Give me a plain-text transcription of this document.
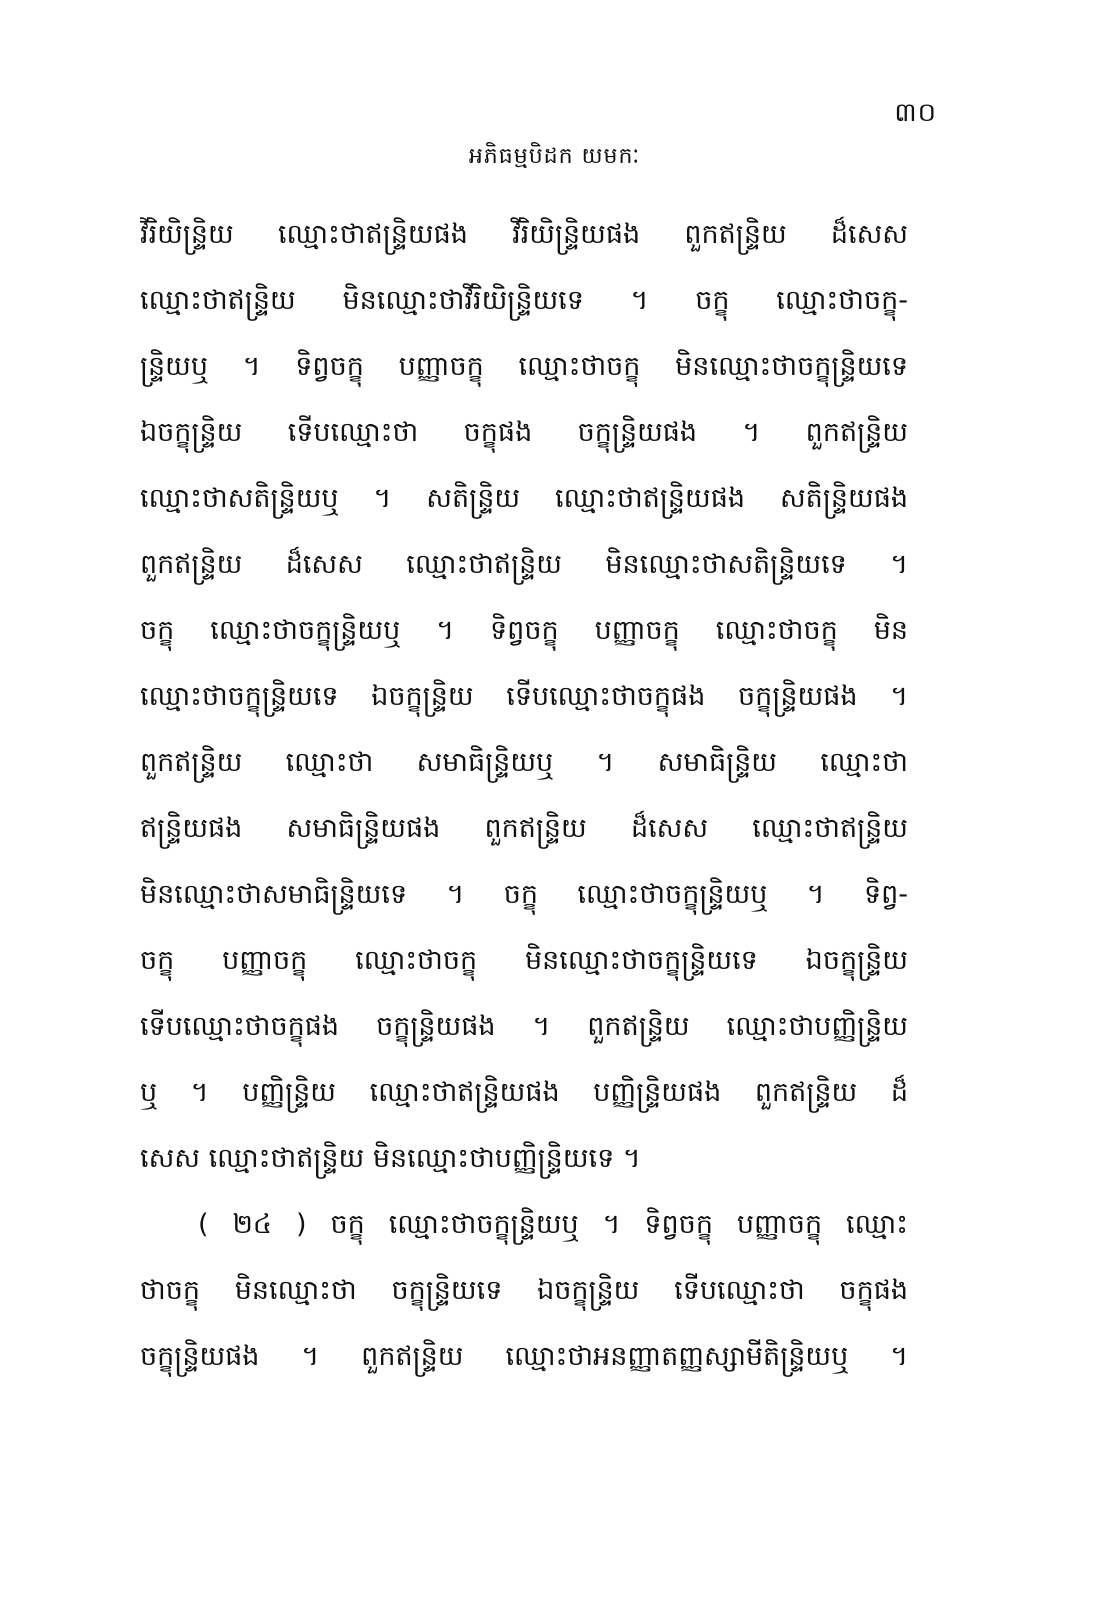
៣០
អភិធម្មបិដក យមកៈ
វីរិយិន្ទ្រិយ ឈ្មោះថាឥន្ទ្រិយផង វីរិយិន្ទ្រិយផង ពួកឥន្ទ្រិយ ដ៏សេស
ឈ្មោះថាឥន្ទ្រិយ មិនឈ្មោះថាវីរិយិន្ទ្រិយទេ ។ ចក្ខុ ឈ្មោះថាចក្ខុ-
ន្ទ្រិយឬ ។ ទិព្វចក្ខុ បញ្ញាចក្ខុ ឈ្មោះថាចក្ខុ មិនឈ្មោះថាចក្ខុន្ទ្រិយទេ
ឯចក្ខុន្ទ្រិយ ទើបឈ្មោះថា ចក្ខុផង ចក្ខុន្ទ្រិយផង ។ ពួកឥន្ទ្រិយ
ឈ្មោះថាសតិន្ទ្រិយឬ ។ សតិន្ទ្រិយ ឈ្មោះថាឥន្ទ្រិយផង សតិន្ទ្រិយផង
ពួកឥន្ទ្រិយ ដ៏សេស ឈ្មោះថាឥន្ទ្រិយ មិនឈ្មោះថាសតិន្ទ្រិយទេ ។
ចក្ខុ ឈ្មោះថាចក្ខុន្ទ្រិយឬ ។ ទិព្វចក្ខុ បញ្ញាចក្ខុ ឈ្មោះថាចក្ខុ មិន
ឈ្មោះថាចក្ខុន្ទ្រិយទេ ឯចក្ខុន្ទ្រិយ ទើបឈ្មោះថាចក្ខុផង ចក្ខុន្ទ្រិយផង ។
ពួកឥន្ទ្រិយ ឈ្មោះថា សមាធិន្ទ្រិយឬ ។ សមាធិន្ទ្រិយ ឈ្មោះថា
ឥន្ទ្រិយផង សមាធិន្ទ្រិយផង ពួកឥន្ទ្រិយ ដ៏សេស ឈ្មោះថាឥន្ទ្រិយ
មិនឈ្មោះថាសមាធិន្ទ្រិយទេ ។ ចក្ខុ ឈ្មោះថាចក្ខុន្ទ្រិយឬ ។ ទិព្វ-
ចក្ខុ បញ្ញាចក្ខុ ឈ្មោះថាចក្ខុ មិនឈ្មោះថាចក្ខុន្ទ្រិយទេ ឯចក្ខុន្ទ្រិយ
ទើបឈ្មោះថាចក្ខុផង ចក្ខុន្ទ្រិយផង ។ ពួកឥន្ទ្រិយ ឈ្មោះថាបញ្ញិន្ទ្រិយ
ឬ ។ បញ្ញិន្ទ្រិយ ឈ្មោះថាឥន្ទ្រិយផង បញ្ញិន្ទ្រិយផង ពួកឥន្ទ្រិយ ដ៏
សេស ឈ្មោះថាឥន្ទ្រិយ មិនឈ្មោះថាបញ្ញិន្ទ្រិយទេ ។
( ២៤ ) ចក្ខុ ឈ្មោះថាចក្ខុន្ទ្រិយឬ ។ ទិព្វចក្ខុ បញ្ញាចក្ខុ ឈ្មោះ
ថាចក្ខុ មិនឈ្មោះថា ចក្ខុន្ទ្រិយទេ ឯចក្ខុន្ទ្រិយ ទើបឈ្មោះថា ចក្ខុផង
ចក្ខុន្ទ្រិយផង ។ ពួកឥន្ទ្រិយ ឈ្មោះថាអនញ្ញាតញ្ញស្សាមីតិន្ទ្រិយឬ ។
